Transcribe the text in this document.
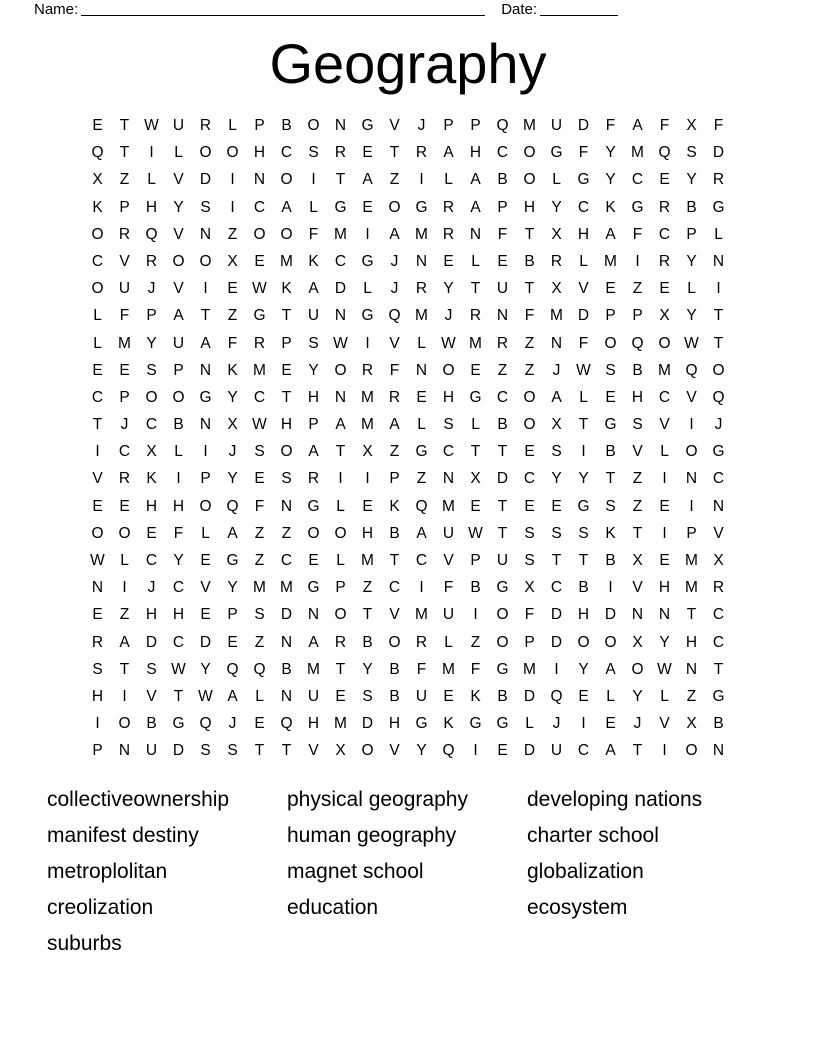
Name:	Date:
Geography
E	T W U	R	L	P	B	O N G	V	J	P	P	Q M U	D	F	A	F	X	F
Q	T	I	L	O O H	C	S	R	E	T	R	A	H	C O G	F	Y M Q	S	D
X	Z	L	V	D	I	N O	I	T	A	Z	I	L	A	B	O	L	G	Y	C	E	Y	R
K	P	H	Y	S	I	C	A	L	G	E	O G R	A	P	H	Y	C	K	G R	B	G
O R Q	V	N	Z	O O	F	M	I	A M R	N	F	T	X	H	A	F	C	P	L
C	V	R O O	X	E M K	C G	J	N	E	L	E	B	R	L	M	I	R	Y	N
O U	J	V	I	E W K	A	D	L	J	R	Y	T	U	T	X	V	E	Z	E	L	I
L	F	P	A	T	Z	G	T	U	N G Q M	J	R	N	F	M D	P	P	X	Y	T
L	M Y	U	A	F	R	P	S W	I	V	L W M R	Z	N	F	O Q O W T
E	E	S	P	N	K M E	Y	O R	F	N O	E	Z	Z	J	W S	B M Q O
C	P	O O G	Y	C	T	H	N M R	E	H G C O	A	L	E	H	C	V	Q
T	J	C	B	N	X W H	P	A M A	L	S	L	B	O	X	T	G	S	V	I	J
I	C	X	L	I	J	S	O	A	T	X	Z	G C	T	T	E	S	I	B	V	L	O G
V	R	K	I	P	Y	E	S	R	I	I	P	Z	N	X	D	C	Y	Y	T	Z	I	N	C
E	E	H	H O Q	F	N G	L	E	K	Q M E	T	E	E	G	S	Z	E	I	N
O O	E	F	L	A	Z	Z	O O H	B	A	U W T	S	S	S	K	T	I	P	V
W L	C	Y	E	G	Z	C	E	L	M	T	C	V	P	U	S	T	T	B	X	E M X
N	I	J	C	V	Y M M G	P	Z	C	I	F	B	G	X	C	B	I	V	H M R
E	Z	H	H	E	P	S	D	N O	T	V M U	I	O	F	D	H	D	N	N	T	C
R	A	D	C	D	E	Z	N	A	R	B	O R	L	Z	O	P	D O O	X	Y	H	C
S	T	S W Y	Q Q	B M	T	Y	B	F	M	F	G M	I	Y	A	O W N	T
H	I	V	T W A	L	N	U	E	S	B	U	E	K	B	D Q	E	L	Y	L	Z	G
I	O	B	G Q	J	E	Q H M D	H G	K	G G	L	J	I	E	J	V	X	B
P	N	U	D	S	S	T	T	V	X	O	V	Y	Q	I	E	D	U	C	A	T	I	O N
collectiveownership
manifest destiny
metroplolitan
creolization
suburbs
physical geography
human geography
magnet school
education
developing nations
charter school
globalization
ecosystem
